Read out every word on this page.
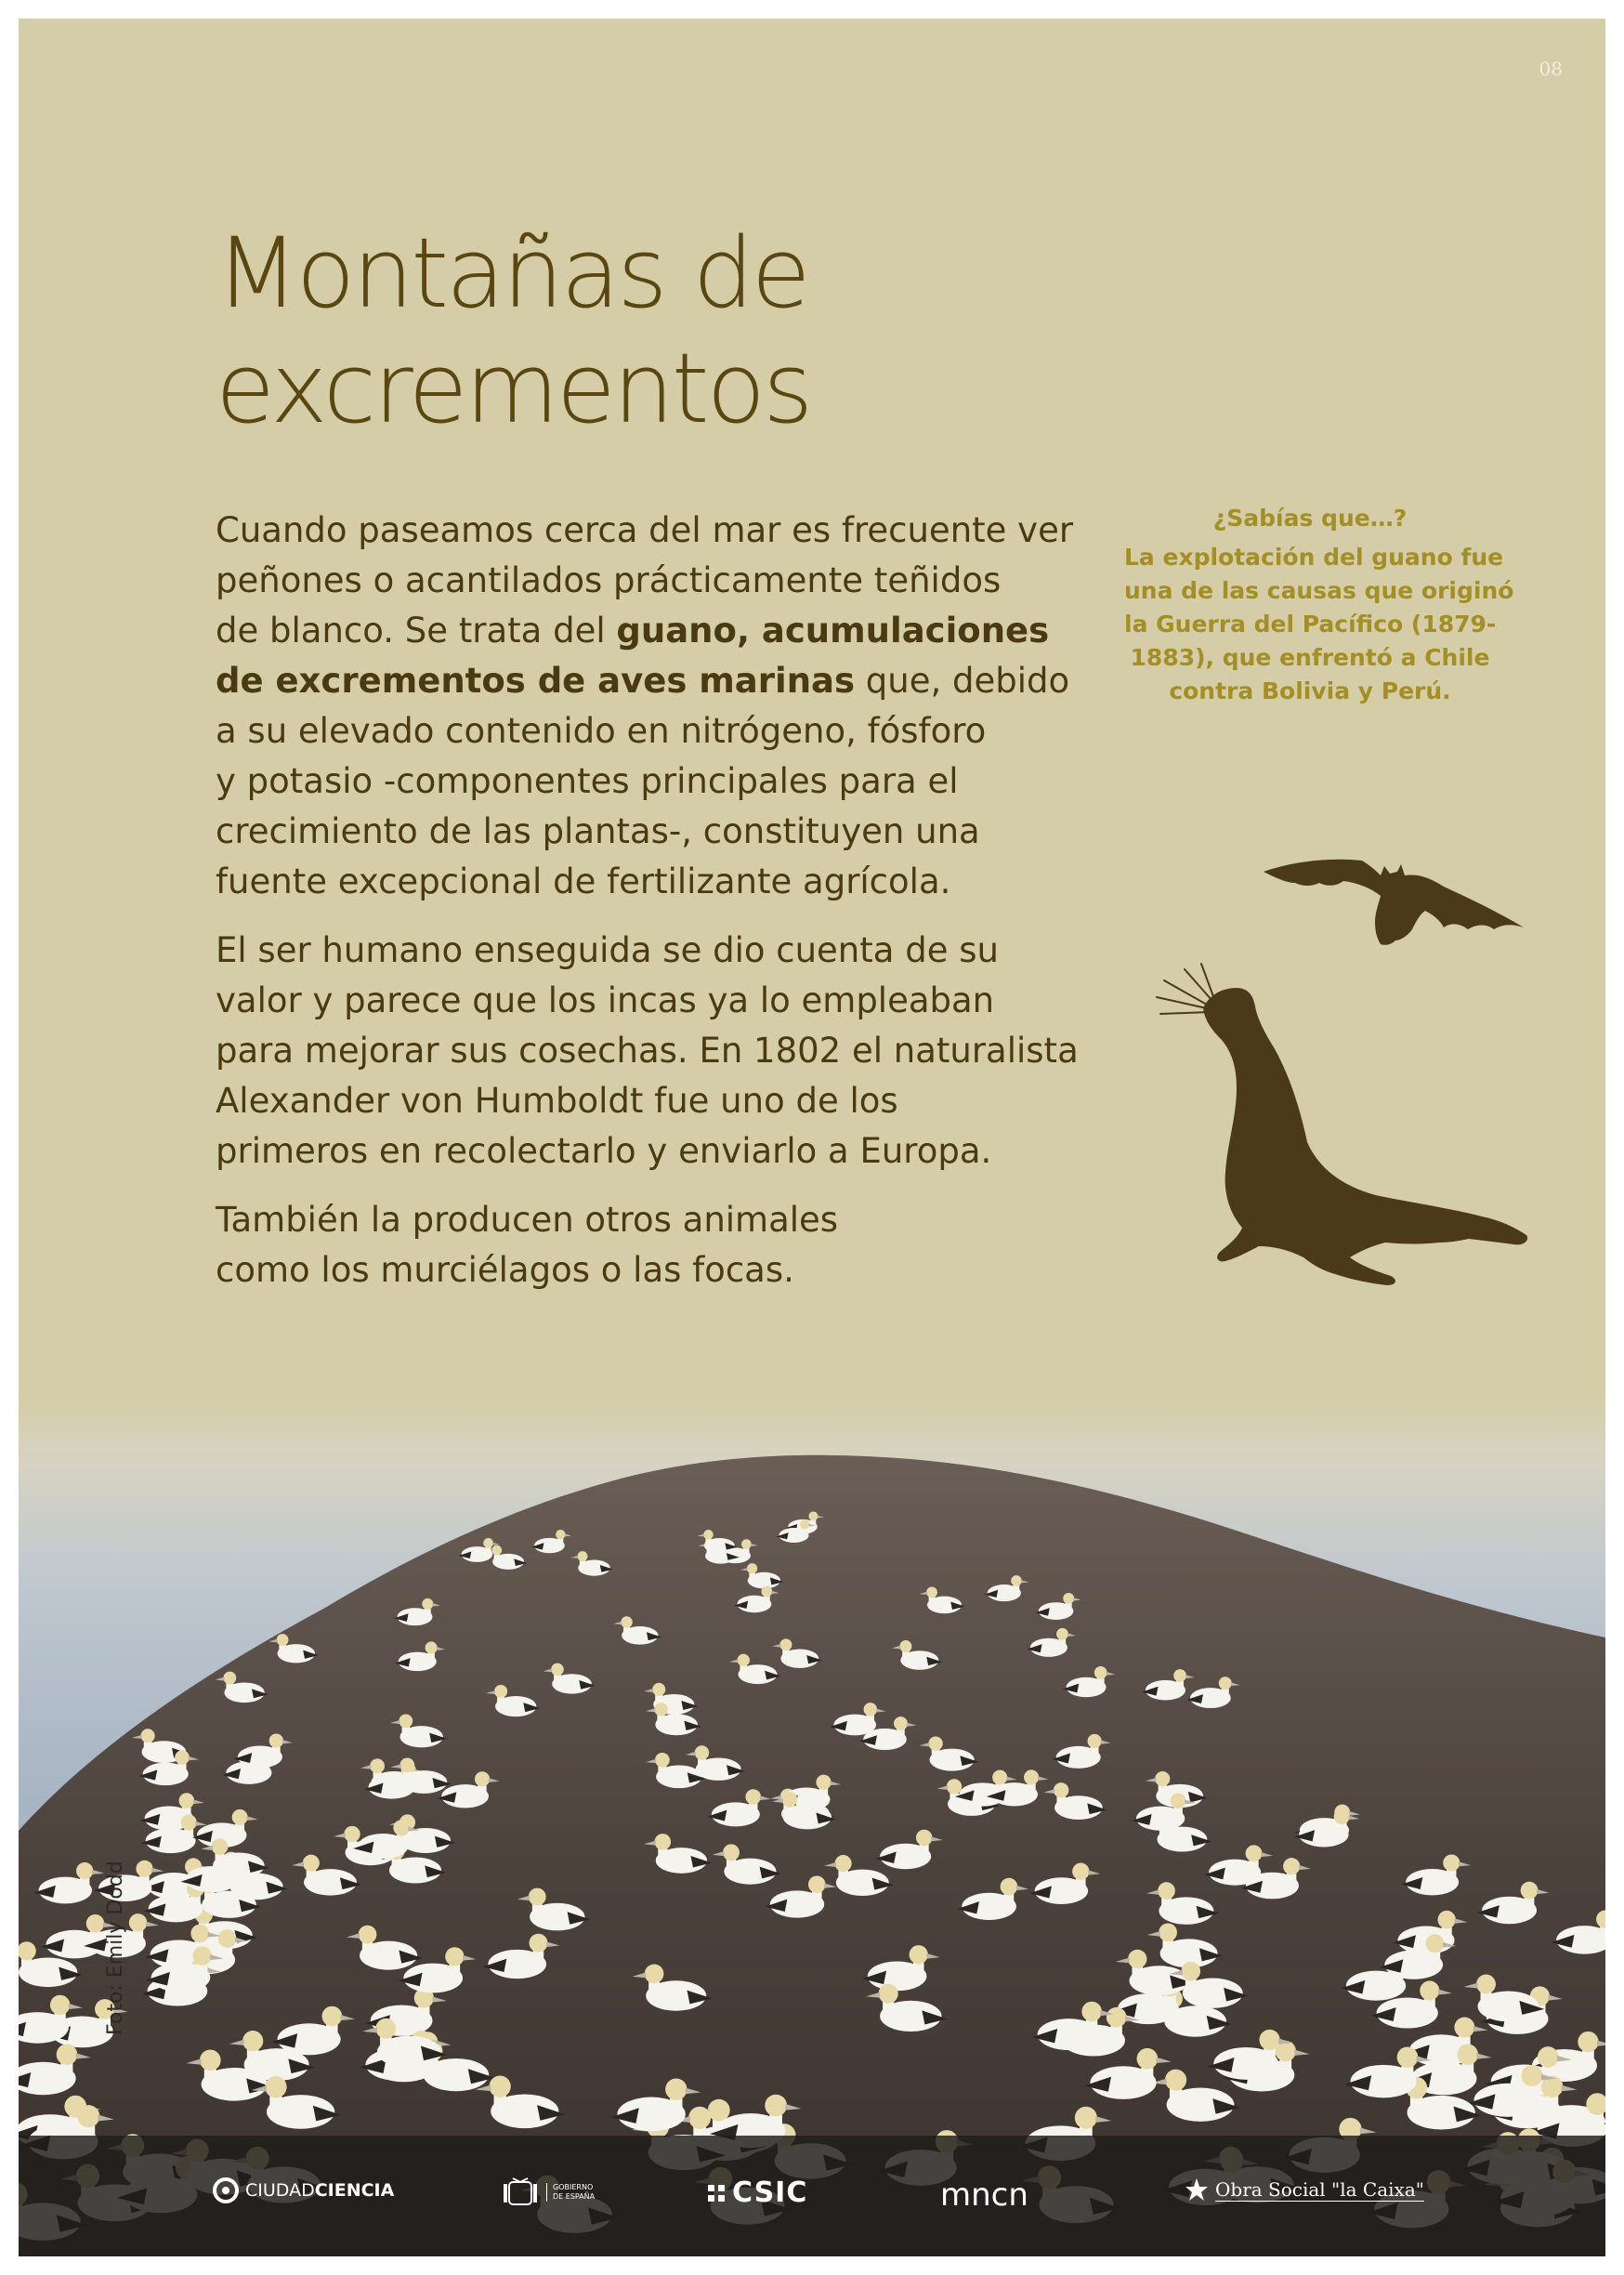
08
Montañas de
excrementos

Cuando paseamos cerca del mar es frecuente ver
peñones o acantilados prácticamente teñidos
de blanco. Se trata del guano, acumulaciones
de excrementos de aves marinas que, debido
a su elevado contenido en nitrógeno, fósforo
y potasio -componentes principales para el
crecimiento de las plantas-, constituyen una
fuente excepcional de fertilizante agrícola.

El ser humano enseguida se dio cuenta de su
valor y parece que los incas ya lo empleaban
para mejorar sus cosechas. En 1802 el naturalista
Alexander von Humboldt fue uno de los
primeros en recolectarlo y enviarlo a Europa.

También la producen otros animales
como los murciélagos o las focas.

¿Sabías que…?
La explotación del guano fue
una de las causas que originó
la Guerra del Pacífico (1879-
1883), que enfrentó a Chile
contra Bolivia y Perú.
Foto: Emily Dodd
CIUDAD CIENCIA	GOBIERNO
DE ESPAÑA	CSIC	mncn	Obra Social "la Caixa"
